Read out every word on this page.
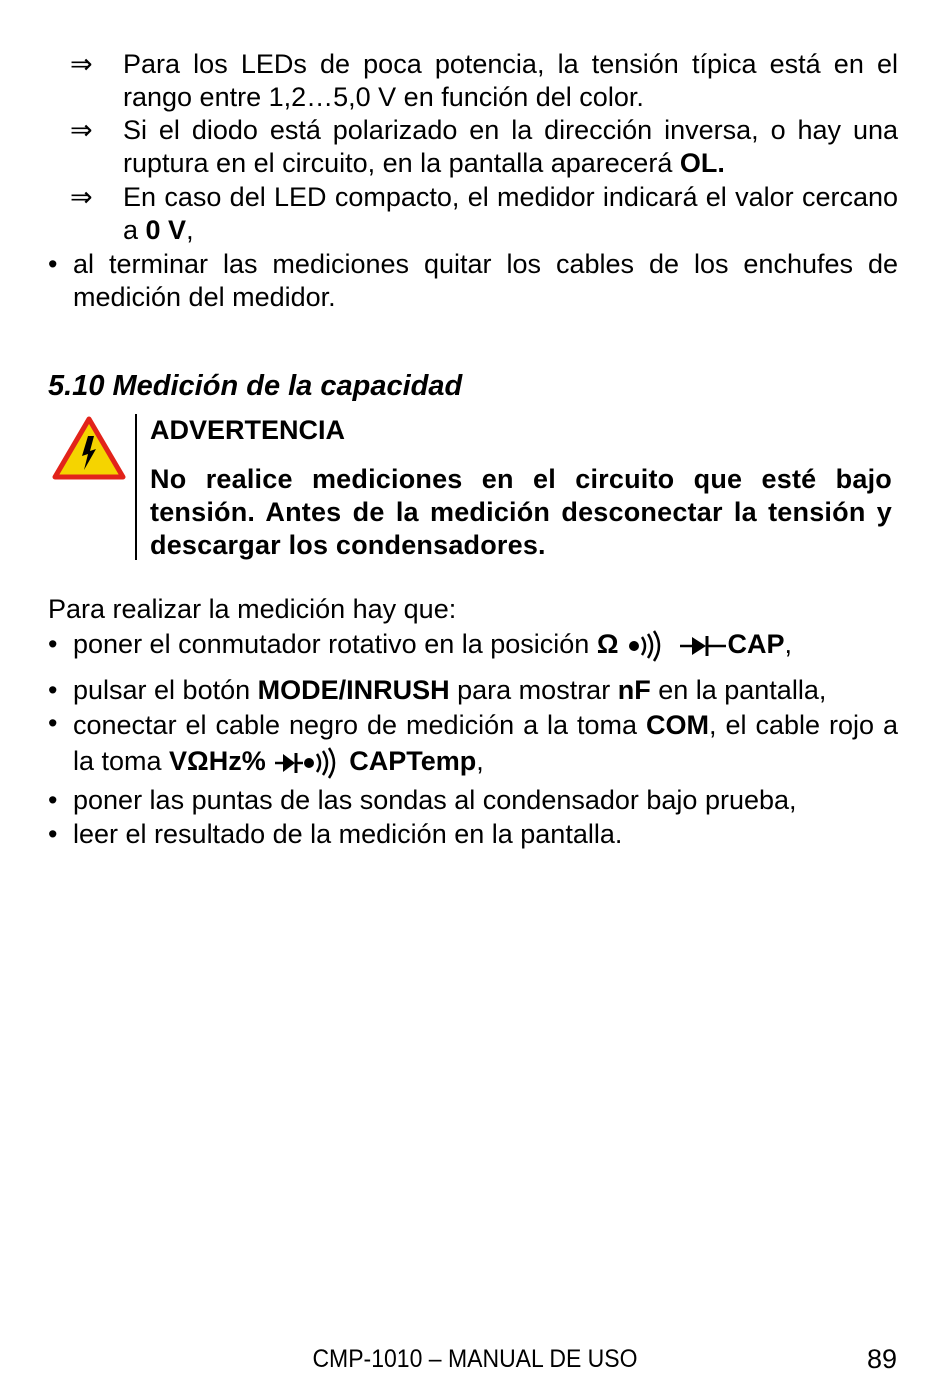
⇒	Para los LEDs de poca potencia, la tensión típica está en el rango entre 1,2…5,0 V en función del color.
⇒	Si el diodo está polarizado en la dirección inversa, o hay una ruptura en el circuito, en la pantalla aparecerá OL.
⇒	En caso del LED compacto, el medidor indicará el valor cercano a 0 V,
• al terminar las mediciones quitar los cables de los enchufes de medición del medidor.
5.10 Medición de la capacidad
ADVERTENCIA
No realice mediciones en el circuito que esté bajo tensión. Antes de la medición desconectar la tensión y descargar los condensadores.
Para realizar la medición hay que:
• poner el conmutador rotativo en la posición Ω	CAP,
• pulsar el botón MODE/INRUSH para mostrar nF en la pantalla,
• conectar el cable negro de medición a la toma COM, el cable rojo a la toma VΩHz%	CAPTemp,
• poner las puntas de las sondas al condensador bajo prueba,
• leer el resultado de la medición en la pantalla.
CMP-1010 – MANUAL DE USO	89
